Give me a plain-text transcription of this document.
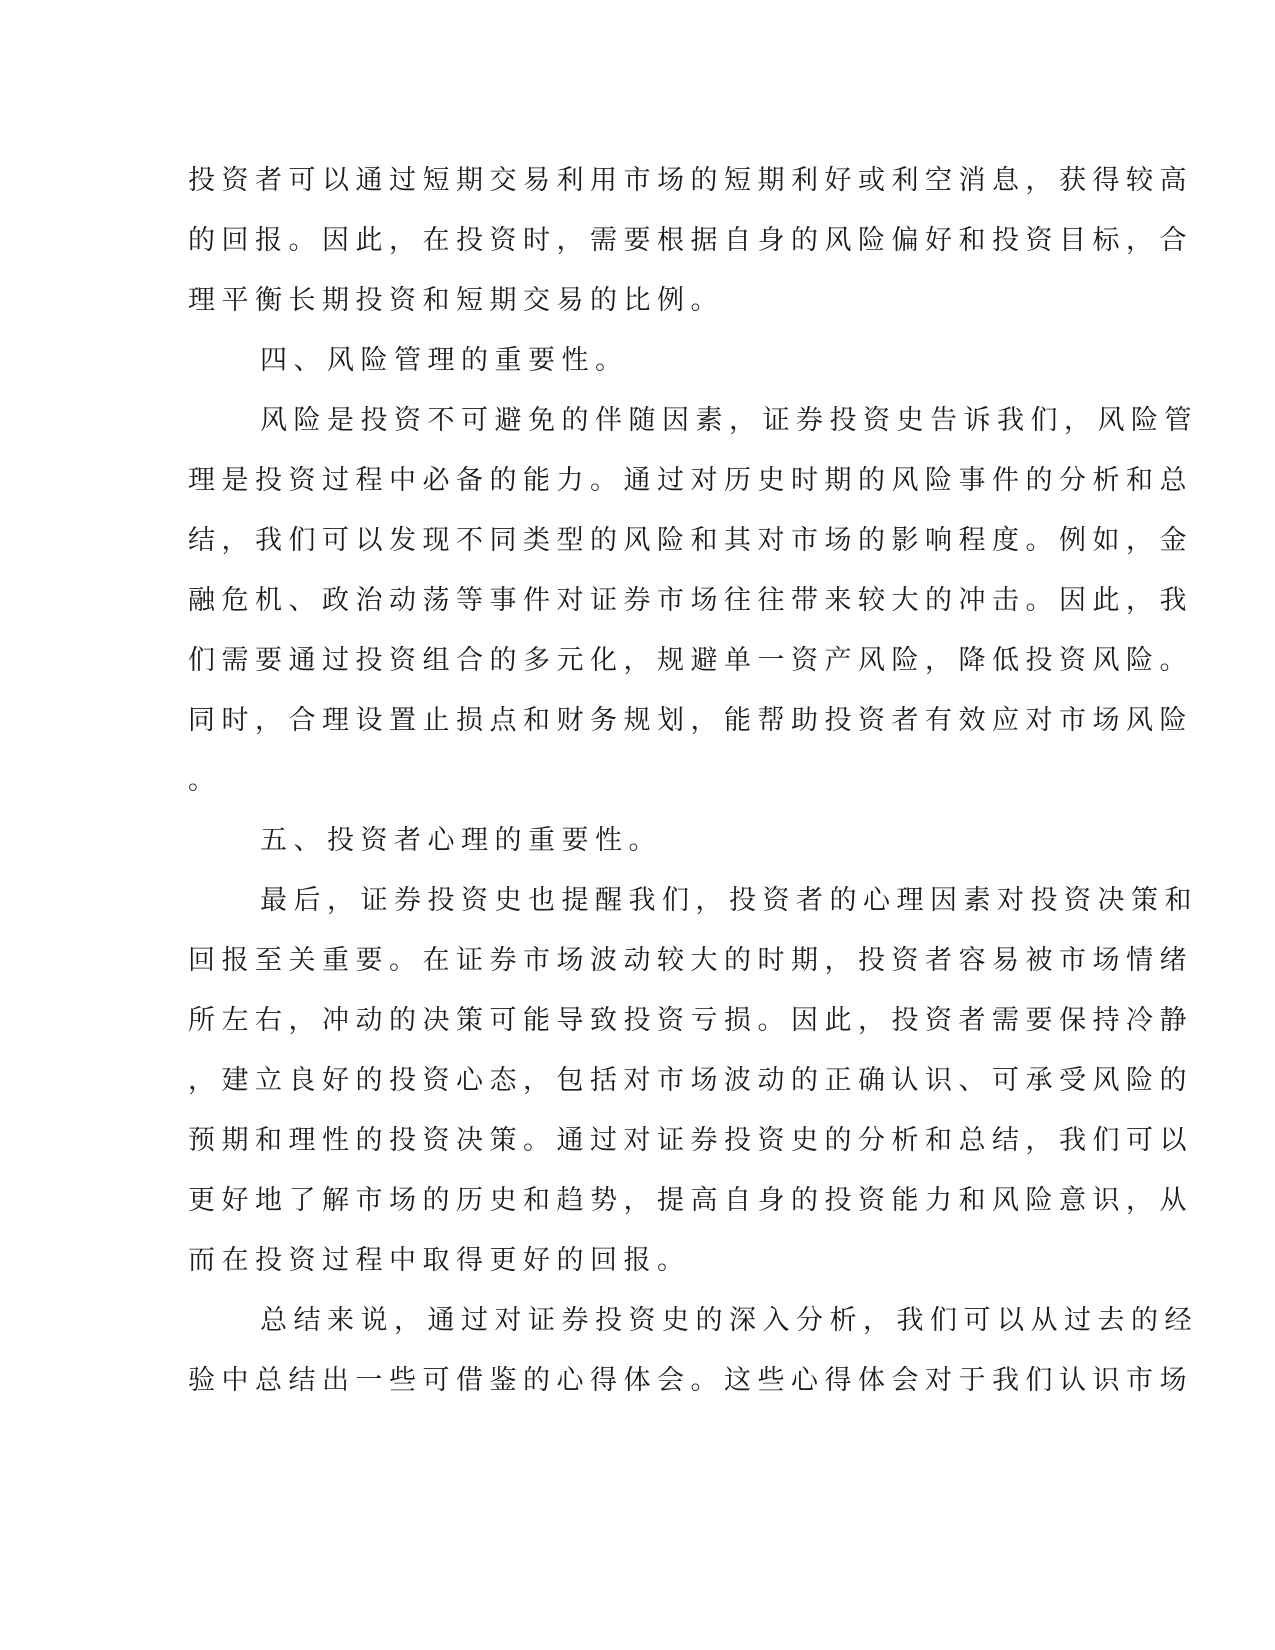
投资者可以通过短期交易利用市场的短期利好或利空消息，获得较高
的回报。因此，在投资时，需要根据自身的风险偏好和投资目标，合
理平衡长期投资和短期交易的比例。
四、风险管理的重要性。
风险是投资不可避免的伴随因素，证券投资史告诉我们，风险管
理是投资过程中必备的能力。通过对历史时期的风险事件的分析和总
结，我们可以发现不同类型的风险和其对市场的影响程度。例如，金
融危机、政治动荡等事件对证券市场往往带来较大的冲击。因此，我
们需要通过投资组合的多元化，规避单一资产风险，降低投资风险。
同时，合理设置止损点和财务规划，能帮助投资者有效应对市场风险
。
五、投资者心理的重要性。
最后，证券投资史也提醒我们，投资者的心理因素对投资决策和
回报至关重要。在证券市场波动较大的时期，投资者容易被市场情绪
所左右，冲动的决策可能导致投资亏损。因此，投资者需要保持冷静
，建立良好的投资心态，包括对市场波动的正确认识、可承受风险的
预期和理性的投资决策。通过对证券投资史的分析和总结，我们可以
更好地了解市场的历史和趋势，提高自身的投资能力和风险意识，从
而在投资过程中取得更好的回报。
总结来说，通过对证券投资史的深入分析，我们可以从过去的经
验中总结出一些可借鉴的心得体会。这些心得体会对于我们认识市场
